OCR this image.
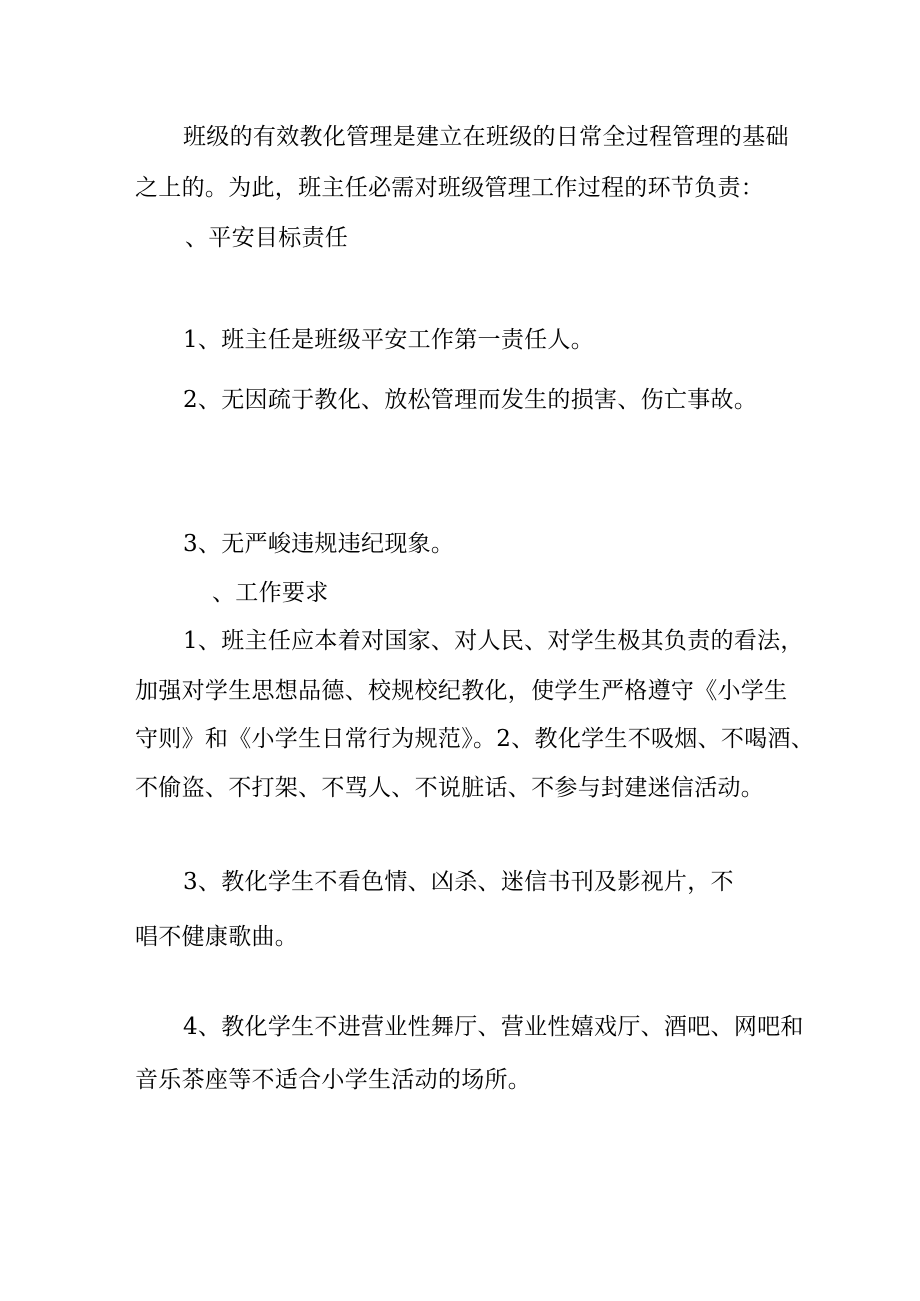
班级的有效教化管理是建立在班级的日常全过程管理的基础
之上的。为此，班主任必需对班级管理工作过程的环节负责：
、平安目标责任
1、班主任是班级平安工作第一责任人。
2、无因疏于教化、放松管理而发生的损害、伤亡事故。
3、无严峻违规违纪现象。
、工作要求
1、班主任应本着对国家、对人民、对学生极其负责的看法，
加强对学生思想品德、校规校纪教化，使学生严格遵守《小学生
守则》和《小学生日常行为规范》。2、教化学生不吸烟、不喝酒、
不偷盗、不打架、不骂人、不说脏话、不参与封建迷信活动。
3、教化学生不看色情、凶杀、迷信书刊及影视片，不
唱不健康歌曲。
4、教化学生不进营业性舞厅、营业性嬉戏厅、酒吧、网吧和
音乐茶座等不适合小学生活动的场所。
